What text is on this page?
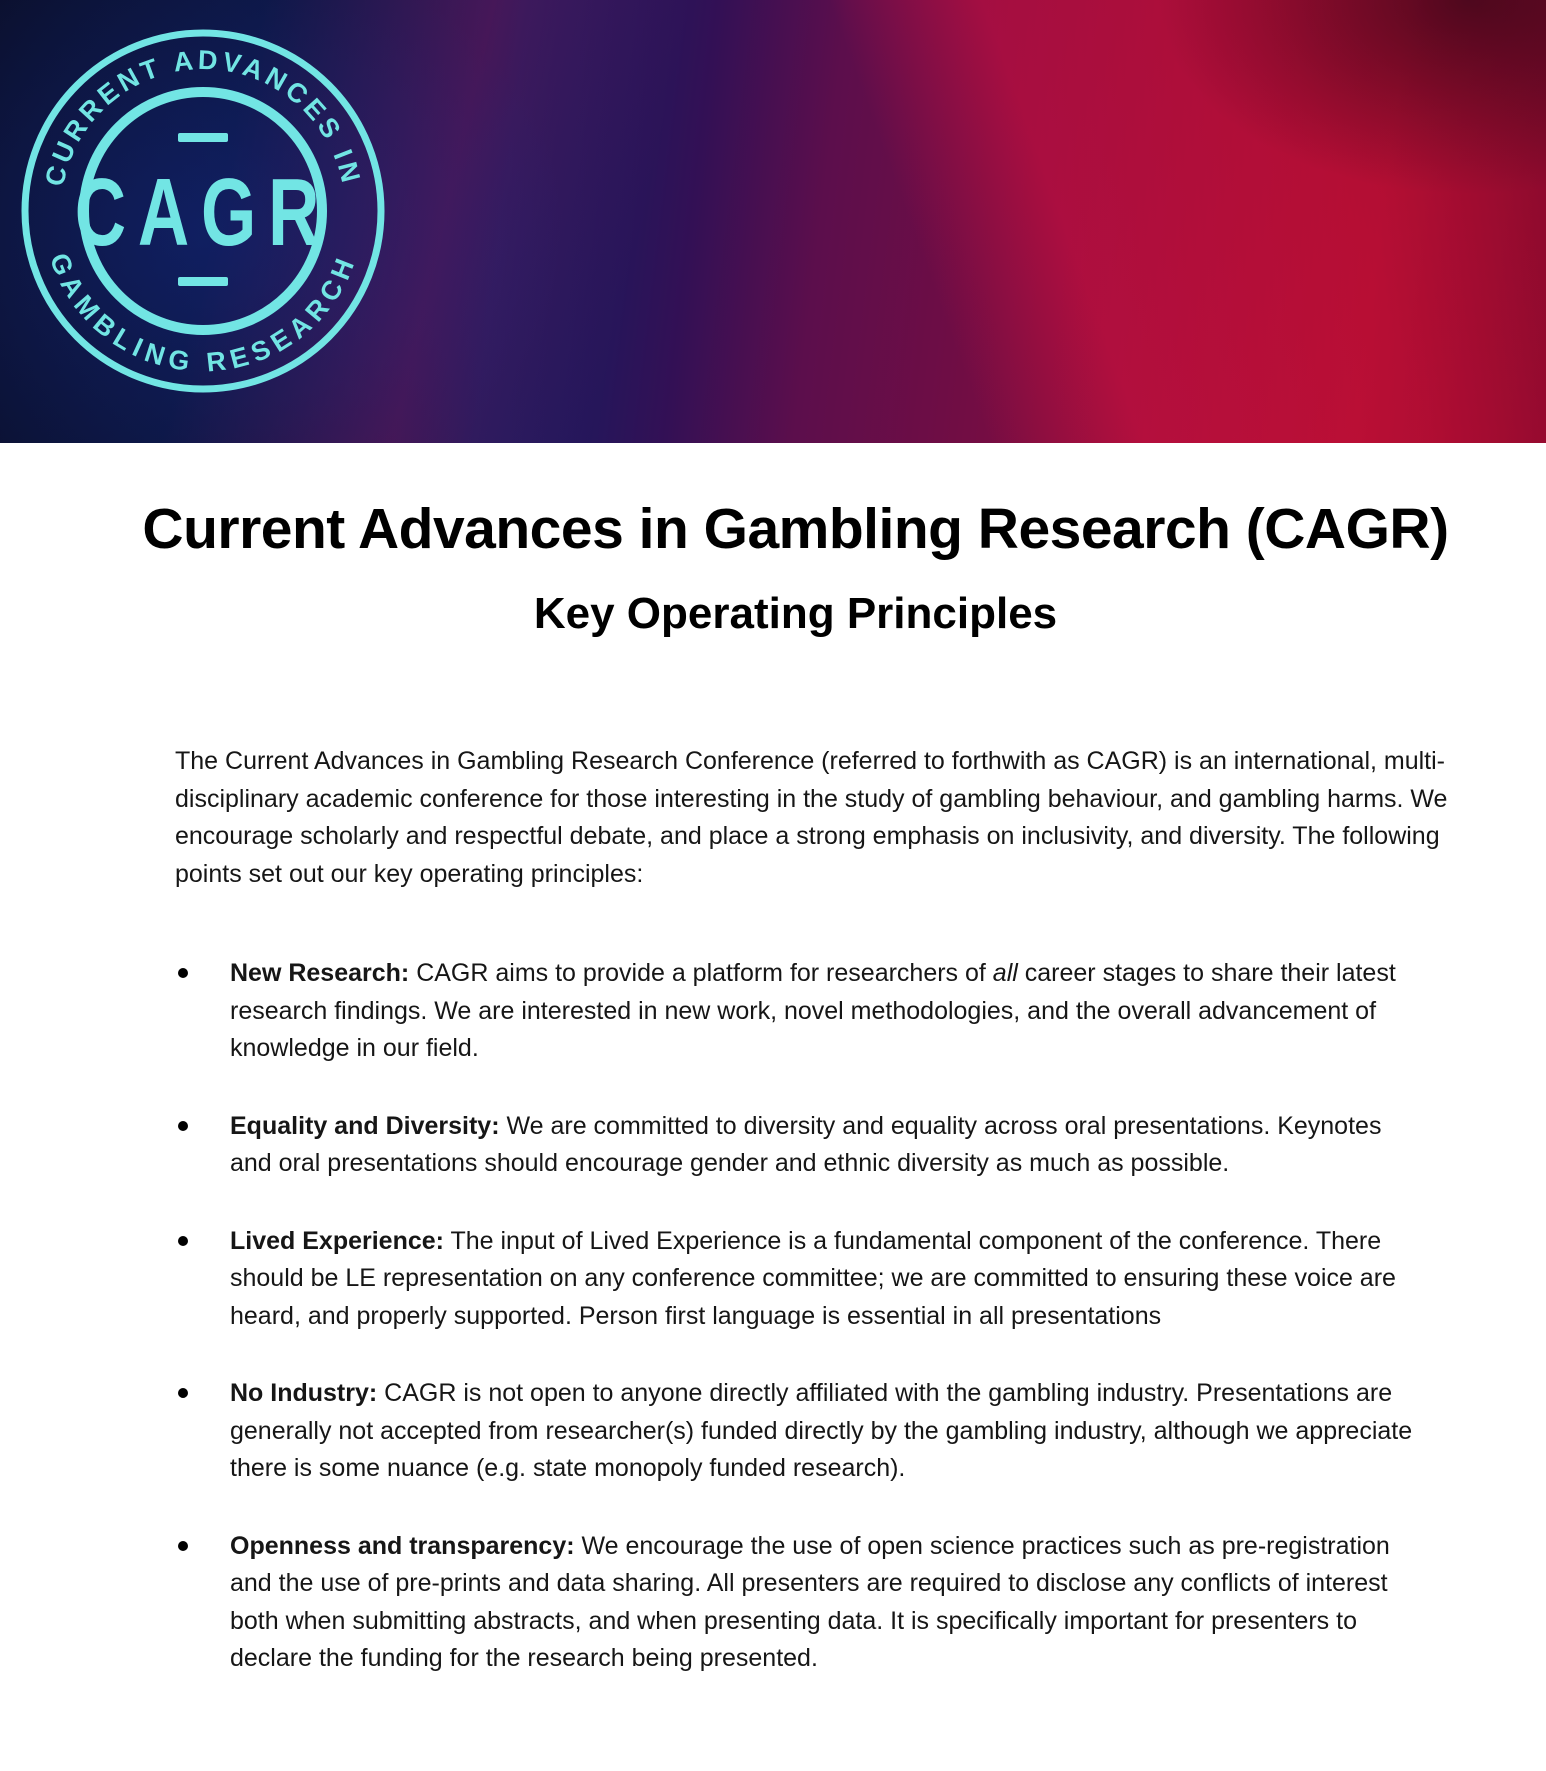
CURRENT ADVANCES IN
GAMBLING RESEARCH
CAGR
Current Advances in Gambling Research (CAGR)
Key Operating Principles

The Current Advances in Gambling Research Conference (referred to forthwith as CAGR) is an international, multi-disciplinary academic conference for those interesting in the study of gambling behaviour, and gambling harms. We encourage scholarly and respectful debate, and place a strong emphasis on inclusivity, and diversity. The following points set out our key operating principles:

New Research: CAGR aims to provide a platform for researchers of all career stages to share their latest research findings. We are interested in new work, novel methodologies, and the overall advancement of knowledge in our field.
Equality and Diversity: We are committed to diversity and equality across oral presentations. Keynotes and oral presentations should encourage gender and ethnic diversity as much as possible.
Lived Experience: The input of Lived Experience is a fundamental component of the conference. There should be LE representation on any conference committee; we are committed to ensuring these voice are heard, and properly supported. Person first language is essential in all presentations
No Industry: CAGR is not open to anyone directly affiliated with the gambling industry. Presentations are generally not accepted from researcher(s) funded directly by the gambling industry, although we appreciate there is some nuance (e.g. state monopoly funded research).
Openness and transparency: We encourage the use of open science practices such as pre-registration and the use of pre-prints and data sharing. All presenters are required to disclose any conflicts of interest both when submitting abstracts, and when presenting data. It is specifically important for presenters to declare the funding for the research being presented.
